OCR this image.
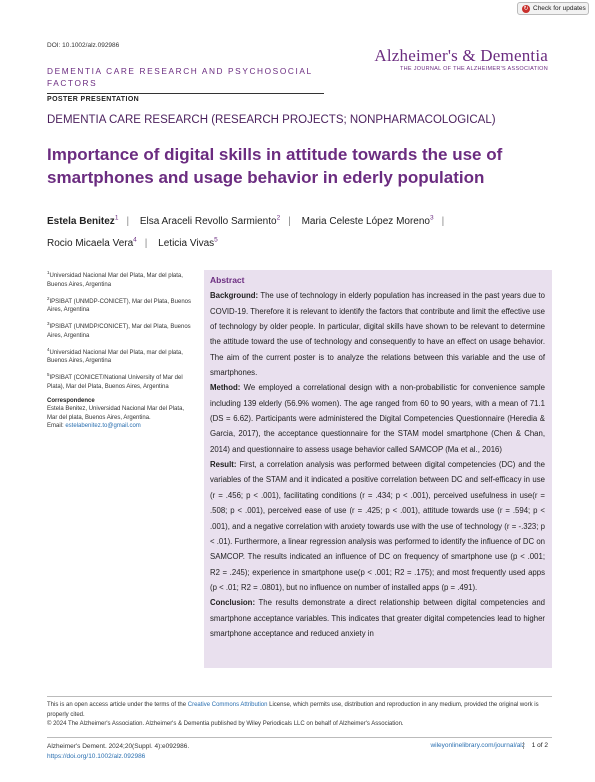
↻ Check for updates
DOI: 10.1002/alz.092986
Alzheimer's & Dementia
THE JOURNAL OF THE ALZHEIMER'S ASSOCIATION
DEMENTIA CARE RESEARCH AND PSYCHOSOCIAL FACTORS
POSTER PRESENTATION
DEMENTIA CARE RESEARCH (RESEARCH PROJECTS; NONPHARMACOLOGICAL)
Importance of digital skills in attitude towards the use of smartphones and usage behavior in ederly population
Estela Benitez$^1$ | Elsa Araceli Revollo Sarmiento$^2$ | Maria Celeste López Moreno$^3$ |
Rocio Micaela Vera$^4$ | Leticia Vivas$^5$
$^1$Universidad Nacional Mar del Plata, Mar del plata, Buenos Aires, Argentina
$^2$IPSIBAT (UNMDP-CONICET), Mar del Plata, Buenos Aires, Argentina
$^3$IPSIBAT (UNMDP/CONICET), Mar del Plata, Buenos Aires, Argentina
$^4$Universidad Nacional Mar del Plata, mar del plata, Buenos Aires, Argentina
$^5$IPSIBAT (CONICET/National University of Mar del Plata), Mar del Plata, Buenos Aires, Argentina
Correspondence
Estela Benitez, Universidad Nacional Mar del Plata, Mar del plata, Buenos Aires, Argentina.
Email: estelabenitez.to@gmail.com
Abstract
Background: The use of technology in elderly population has increased in the past years due to COVID-19. Therefore it is relevant to identify the factors that contribute and limit the effective use of technology by older people. In particular, digital skills have shown to be relevant to determine the attitude toward the use of technology and consequently to have an effect on usage behavior. The aim of the current poster is to analyze the relations between this variable and the use of smartphones.
Method: We employed a correlational design with a non-probabilistic for convenience sample including 139 elderly (56.9% women). The age ranged from 60 to 90 years, with a mean of 71.1 (DS = 6.62). Participants were administered the Digital Competencies Questionnaire (Heredia & Garcia, 2017), the acceptance questionnaire for the STAM model smartphone (Chen & Chan, 2014) and questionnaire to assess usage behavior called SAMCOP (Ma et al., 2016)
Result: First, a correlation analysis was performed between digital competencies (DC) and the variables of the STAM and it indicated a positive correlation between DC and self-efficacy in use (r = .456; p < .001), facilitating conditions (r = .434; p < .001), perceived usefulness in use(r = .508; p < .001), perceived ease of use (r = .425; p < .001), attitude towards use (r = .594; p < .001), and a negative correlation with anxiety towards use with the use of technology (r = -.323; p < .01). Furthermore, a linear regression analysis was performed to identify the influence of DC on SAMCOP. The results indicated an influence of DC on frequency of smartphone use (p < .001; R2 = .245); experience in smartphone use(p < .001; R2 = .175); and most frequently used apps (p < .01; R2 = .0801), but no influence on number of installed apps (p = .491).
Conclusion: The results demonstrate a direct relationship between digital competencies and smartphone acceptance variables. This indicates that greater digital competencies lead to higher smartphone acceptance and reduced anxiety in
This is an open access article under the terms of the Creative Commons Attribution License, which permits use, distribution and reproduction in any medium, provided the original work is properly cited.
© 2024 The Alzheimer's Association. Alzheimer's & Dementia published by Wiley Periodicals LLC on behalf of Alzheimer's Association.
Alzheimer's Dement. 2024;20(Suppl. 4):e092986.
https://doi.org/10.1002/alz.092986
wileyonlinelibrary.com/journal/alz	1 of 2
